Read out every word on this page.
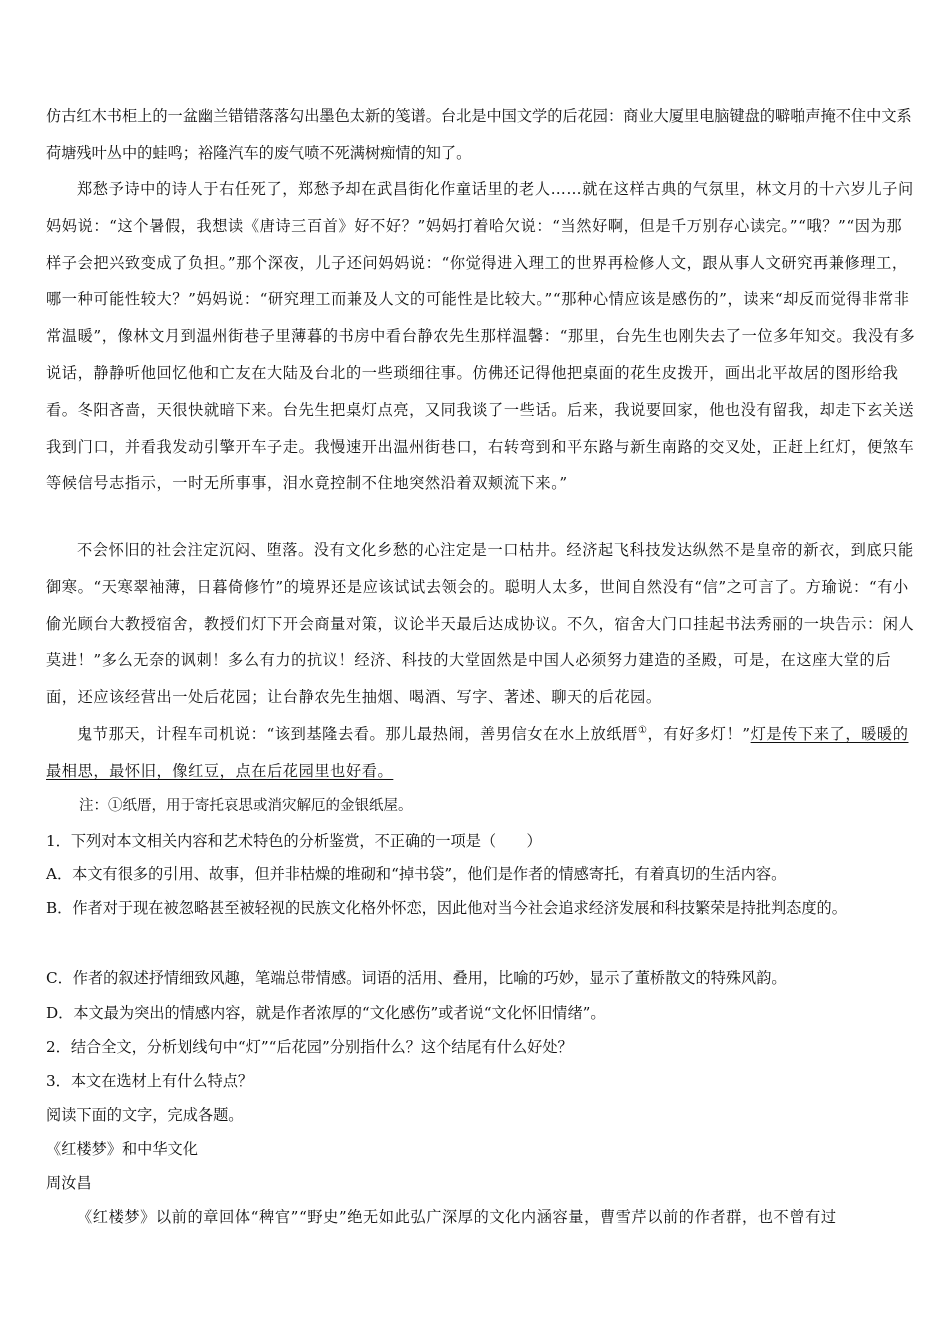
仿古红木书柜上的一盆幽兰错错落落勾出墨色太新的笺谱。台北是中国文学的后花园：商业大厦里电脑键盘的噼啪声掩不住中文系荷塘残叶丛中的蛙鸣；裕隆汽车的废气喷不死满树痴情的知了。

郑愁予诗中的诗人于右任死了，郑愁予却在武昌街化作童话里的老人……就在这样古典的气氛里，林文月的十六岁儿子问妈妈说：“这个暑假，我想读《唐诗三百首》好不好？”妈妈打着哈欠说：“当然好啊，但是千万别存心读完。”“哦？”“因为那样子会把兴致变成了负担。”那个深夜，儿子还问妈妈说：“你觉得进入理工的世界再检修人文，跟从事人文研究再兼修理工，哪一种可能性较大？”妈妈说：“研究理工而兼及人文的可能性是比较大。”“那种心情应该是感伤的”，读来“却反而觉得非常非常温暖”，像林文月到温州街巷子里薄暮的书房中看台静农先生那样温馨：“那里，台先生也刚失去了一位多年知交。我没有多说话，静静听他回忆他和亡友在大陆及台北的一些琐细往事。仿佛还记得他把桌面的花生皮拨开，画出北平故居的图形给我看。冬阳吝啬，天很快就暗下来。台先生把桌灯点亮，又同我谈了一些话。后来，我说要回家，他也没有留我，却走下玄关送我到门口，并看我发动引擎开车子走。我慢速开出温州街巷口，右转弯到和平东路与新生南路的交叉处，正赶上红灯，便煞车等候信号志指示，一时无所事事，泪水竟控制不住地突然沿着双颊流下来。”

不会怀旧的社会注定沉闷、堕落。没有文化乡愁的心注定是一口枯井。经济起飞科技发达纵然不是皇帝的新衣，到底只能御寒。“天寒翠袖薄，日暮倚修竹”的境界还是应该试试去领会的。聪明人太多，世间自然没有“信”之可言了。方瑜说：“有小偷光顾台大教授宿舍，教授们灯下开会商量对策，议论半天最后达成协议。不久，宿舍大门口挂起书法秀丽的一块告示：闲人莫进！”多么无奈的讽刺！多么有力的抗议！经济、科技的大堂固然是中国人必须努力建造的圣殿，可是，在这座大堂的后面，还应该经营出一处后花园；让台静农先生抽烟、喝酒、写字、著述、聊天的后花园。

鬼节那天，计程车司机说：“该到基隆去看。那儿最热闹，善男信女在水上放纸厝①，有好多灯！”灯是传下来了，暖暖的最相思，最怀旧，像红豆，点在后花园里也好看。

注：①纸厝，用于寄托哀思或消灾解厄的金银纸屋。

1．下列对本文相关内容和艺术特色的分析鉴赏，不正确的一项是（　　）

A．本文有很多的引用、故事，但并非枯燥的堆砌和“掉书袋”，他们是作者的情感寄托，有着真切的生活内容。

B．作者对于现在被忽略甚至被轻视的民族文化格外怀恋，因此他对当今社会追求经济发展和科技繁荣是持批判态度的。

C．作者的叙述抒情细致风趣，笔端总带情感。词语的活用、叠用，比喻的巧妙，显示了董桥散文的特殊风韵。

D．本文最为突出的情感内容，就是作者浓厚的“文化感伤”或者说“文化怀旧情绪”。

2．结合全文，分析划线句中“灯”“后花园”分别指什么？这个结尾有什么好处？

3．本文在选材上有什么特点？

阅读下面的文字，完成各题。

《红楼梦》和中华文化

周汝昌

《红楼梦》以前的章回体“稗官”“野史”绝无如此弘广深厚的文化内涵容量，曹雪芹以前的作者群，也不曾有过
